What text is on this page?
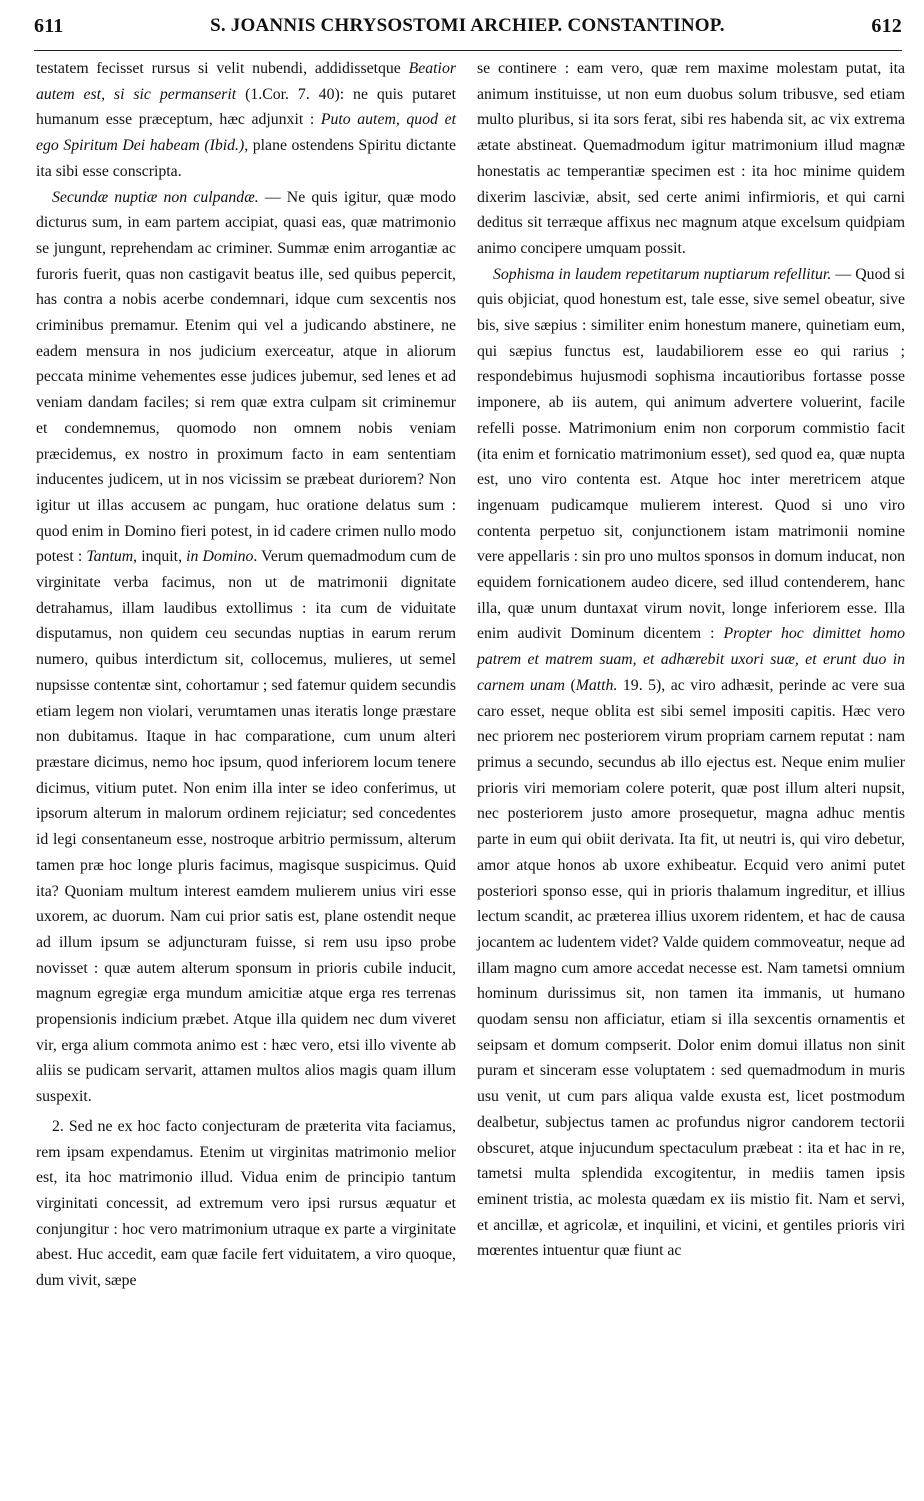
611	S. JOANNIS CHRYSOSTOMI ARCHIEP. CONSTANTINOP.	612

testatem fecisset rursus si velit nubendi, addidissetque Beatior autem est, si sic permanserit (1.Cor. 7. 40): ne quis putaret humanum esse præceptum, hæc adjunxit : Puto autem, quod et ego Spiritum Dei habeam (Ibid.), plane ostendens Spiritu dictante ita sibi esse conscripta.

Secundæ nuptiæ non culpandæ. — Ne quis igitur, quæ modo dicturus sum, in eam partem accipiat, quasi eas, quæ matrimonio se jungunt, reprehendam ac criminer. Summæ enim arrogantiæ ac furoris fuerit, quas non castigavit beatus ille, sed quibus pepercit, has contra a nobis acerbe condemnari, idque cum sexcentis nos criminibus premamur. Etenim qui vel a judicando abstinere, ne eadem mensura in nos judicium exerceatur, atque in aliorum peccata minime vehementes esse judices jubemur, sed lenes et ad veniam dandam faciles; si rem quæ extra culpam sit criminemur et condemnemus, quomodo non omnem nobis veniam præcidemus, ex nostro in proximum facto in eam sententiam inducentes judicem, ut in nos vicissim se præbeat duriorem? Non igitur ut illas accusem ac pungam, huc oratione delatus sum : quod enim in Domino fieri potest, in id cadere crimen nullo modo potest : Tantum, inquit, in Domino. Verum quemadmodum cum de virginitate verba facimus, non ut de matrimonii dignitate detrahamus, illam laudibus extollimus : ita cum de viduitate disputamus, non quidem ceu secundas nuptias in earum rerum numero, quibus interdictum sit, collocemus, mulieres, ut semel nupsisse contentæ sint, cohortamur ; sed fatemur quidem secundis etiam legem non violari, verumtamen unas iteratis longe præstare non dubitamus. Itaque in hac comparatione, cum unum alteri præstare dicimus, nemo hoc ipsum, quod inferiorem locum tenere dicimus, vitium putet. Non enim illa inter se ideo conferimus, ut ipsorum alterum in malorum ordinem rejiciatur; sed concedentes id legi consentaneum esse, nostroque arbitrio permissum, alterum tamen præ hoc longe pluris facimus, magisque suspicimus. Quid ita? Quoniam multum interest eamdem mulierem unius viri esse uxorem, ac duorum. Nam cui prior satis est, plane ostendit neque ad illum ipsum se adjuncturam fuisse, si rem usu ipso probe novisset : quæ autem alterum sponsum in prioris cubile inducit, magnum egregiæ erga mundum amicitiæ atque erga res terrenas propensionis indicium præbet. Atque illa quidem nec dum viveret vir, erga alium commota animo est : hæc vero, etsi illo vivente ab aliis se pudicam servarit, attamen multos alios magis quam illum suspexit.

2. Sed ne ex hoc facto conjecturam de præterita vita faciamus, rem ipsam expendamus. Etenim ut virginitas matrimonio melior est, ita hoc matrimonio illud. Vidua enim de principio tantum virginitati concessit, ad extremum vero ipsi rursus æquatur et conjungitur : hoc vero matrimonium utraque ex parte a virginitate abest. Huc accedit, eam quæ facile fert viduitatem, a viro quoque, dum vivit, sæpe

se continere : eam vero, quæ rem maxime molestam putat, ita animum instituisse, ut non eum duobus solum tribusve, sed etiam multo pluribus, si ita sors ferat, sibi res habenda sit, ac vix extrema ætate abstineat. Quemadmodum igitur matrimonium illud magnæ honestatis ac temperantiæ specimen est : ita hoc minime quidem dixerim lasciviæ, absit, sed certe animi infirmioris, et qui carni deditus sit terræque affixus nec magnum atque excelsum quidpiam animo concipere umquam possit.

Sophisma in laudem repetitarum nuptiarum refellitur. — Quod si quis objiciat, quod honestum est, tale esse, sive semel obeatur, sive bis, sive sæpius : similiter enim honestum manere, quinetiam eum, qui sæpius functus est, laudabiliorem esse eo qui rarius ; respondebimus hujusmodi sophisma incautioribus fortasse posse imponere, ab iis autem, qui animum advertere voluerint, facile refelli posse. Matrimonium enim non corporum commistio facit (ita enim et fornicatio matrimonium esset), sed quod ea, quæ nupta est, uno viro contenta est. Atque hoc inter meretricem atque ingenuam pudicamque mulierem interest. Quod si uno viro contenta perpetuo sit, conjunctionem istam matrimonii nomine vere appellaris : sin pro uno multos sponsos in domum inducat, non equidem fornicationem audeo dicere, sed illud contenderem, hanc illa, quæ unum duntaxat virum novit, longe inferiorem esse. Illa enim audivit Dominum dicentem : Propter hoc dimittet homo patrem et matrem suam, et adhærebit uxori suæ, et erunt duo in carnem unam (Matth. 19. 5), ac viro adhæsit, perinde ac vere sua caro esset, neque oblita est sibi semel impositi capitis. Hæc vero nec priorem nec posteriorem virum propriam carnem reputat : nam primus a secundo, secundus ab illo ejectus est. Neque enim mulier prioris viri memoriam colere poterit, quæ post illum alteri nupsit, nec posteriorem justo amore prosequetur, magna adhuc mentis parte in eum qui obiit derivata. Ita fit, ut neutri is, qui viro debetur, amor atque honos ab uxore exhibeatur. Ecquid vero animi putet posteriori sponso esse, qui in prioris thalamum ingreditur, et illius lectum scandit, ac præterea illius uxorem ridentem, et hac de causa jocantem ac ludentem videt? Valde quidem commoveatur, neque ad illam magno cum amore accedat necesse est. Nam tametsi omnium hominum durissimus sit, non tamen ita immanis, ut humano quodam sensu non afficiatur, etiam si illa sexcentis ornamentis et seipsam et domum compserit. Dolor enim domui illatus non sinit puram et sinceram esse voluptatem : sed quemadmodum in muris usu venit, ut cum pars aliqua valde exusta est, licet postmodum dealbetur, subjectus tamen ac profundus nigror candorem tectorii obscuret, atque injucundum spectaculum præbeat : ita et hac in re, tametsi multa splendida excogitentur, in mediis tamen ipsis eminent tristia, ac molesta quædam ex iis mistio fit. Nam et servi, et ancillæ, et agricolæ, et inquilini, et vicini, et gentiles prioris viri mœrentes intuentur quæ fiunt ac
